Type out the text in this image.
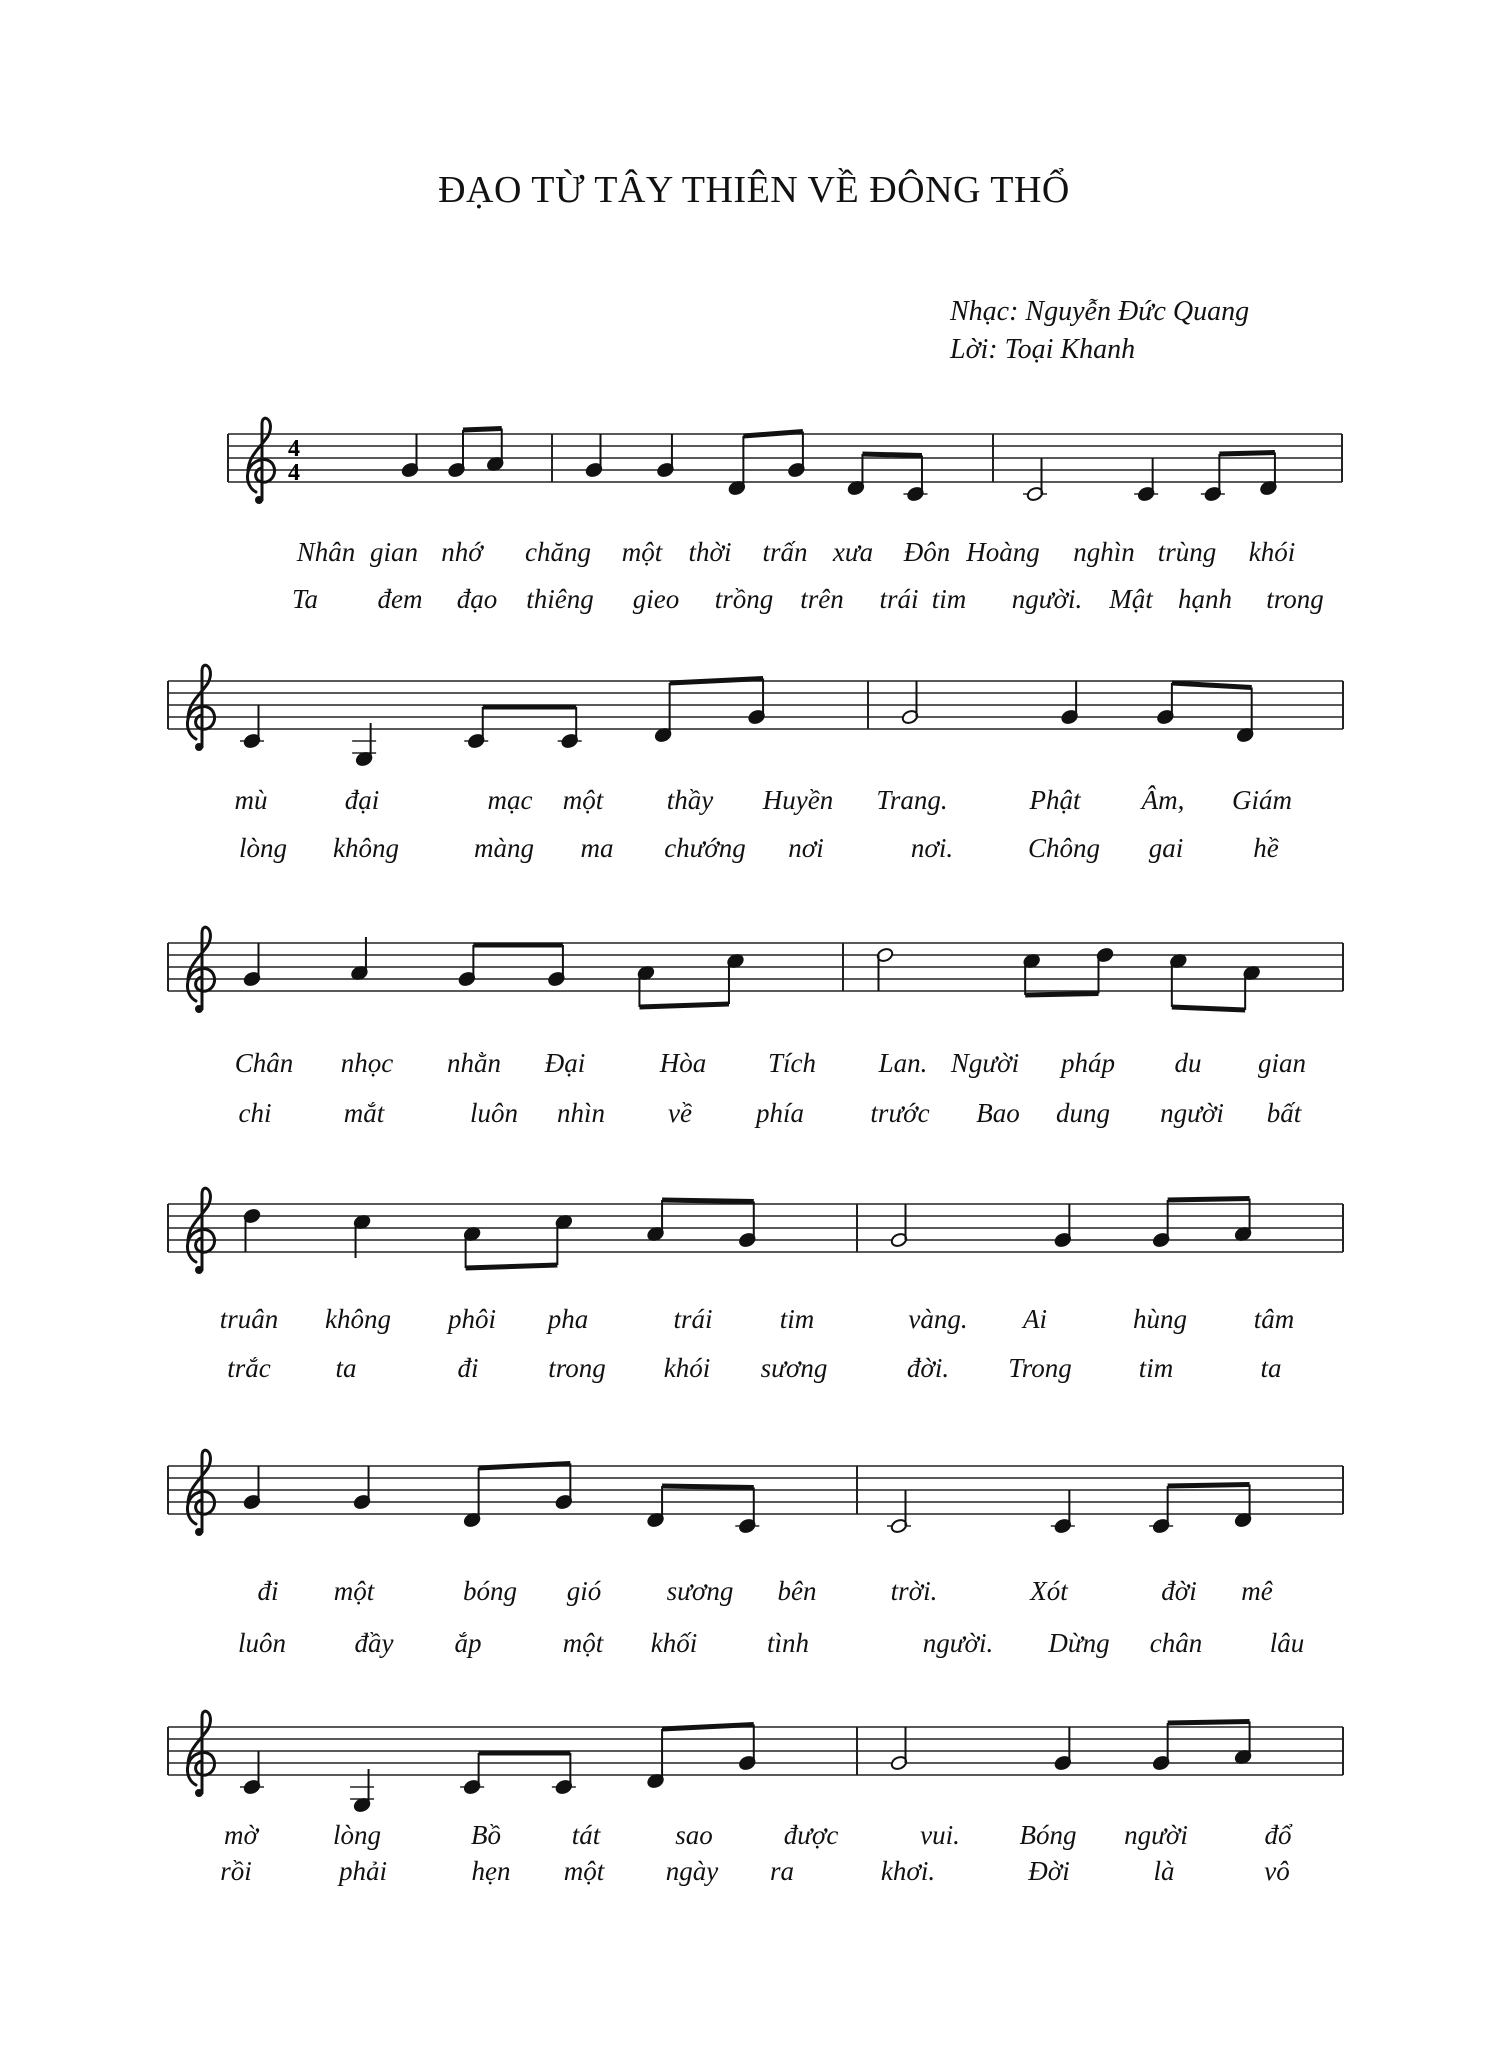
ĐẠO TỪ TÂY THIÊN VỀ ĐÔNG THỔ
Nhạc: Nguyễn Đức Quang
Lời: Toại Khanh
4
4
Nhân gian nhớ chăng một thời trấn xưa Đôn Hoàng nghìn trùng khói
Ta đem đạo thiêng gieo trồng trên trái tim người. Mật hạnh trong
mù	đại	mạc một thầy Huyền Trang.	Phật Âm, Giám
lòng không	màng ma chướng nơi	nơi.	Chông gai	hề
Chân nhọc nhằn Đại	Hòa Tích Lan. Người pháp du gian
chi	mắt	luôn nhìn về phía trước Bao dung người bất
truân không phôi pha	trái tim	vàng. Ai	hùng tâm
trắc ta	đi	trong khói sương	đời. Trong tim	ta
đi một	bóng gió sương bên	trời.	Xót	đời mê
luôn	đầy ắp	một khối	tình	người. Dừng chân	lâu
mờ	lòng	Bồ	tát	sao	được	vui. Bóng người	đổ
rồi	phải	hẹn một ngày ra	khơi.	Đời	là	vô
